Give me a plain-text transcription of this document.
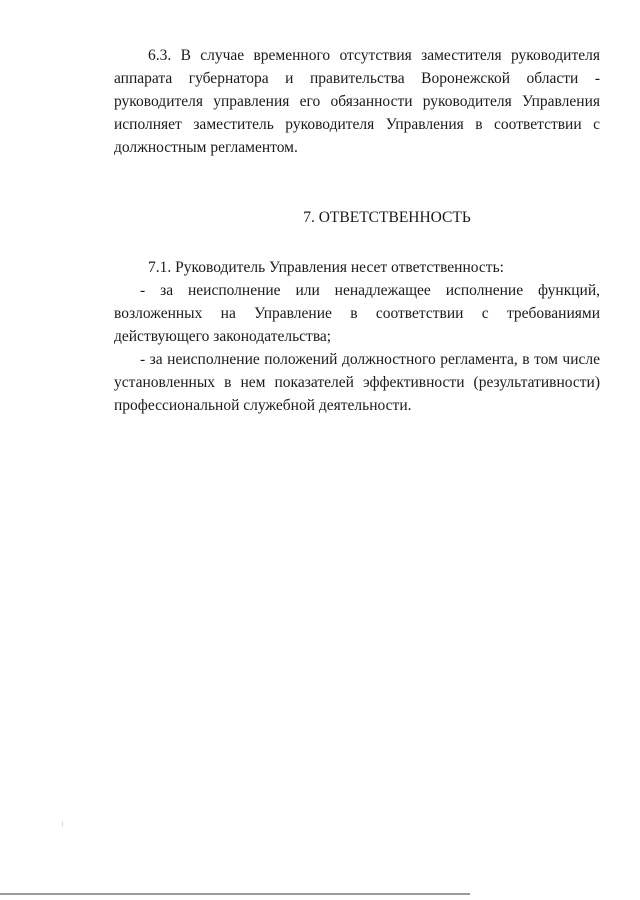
6.3. В случае временного отсутствия заместителя руководителя аппарата губернатора и правительства Воронежской области - руководителя управления его обязанности руководителя Управления исполняет заместитель руководителя Управления в соответствии с должностным регламентом.

7. ОТВЕТСТВЕННОСТЬ

7.1. Руководитель Управления несет ответственность:

- за неисполнение или ненадлежащее исполнение функций, возложенных на Управление в соответствии с требованиями действующего законодательства;

- за неисполнение положений должностного регламента, в том числе установленных в нем показателей эффективности (результативности) профессиональной служебной деятельности.
